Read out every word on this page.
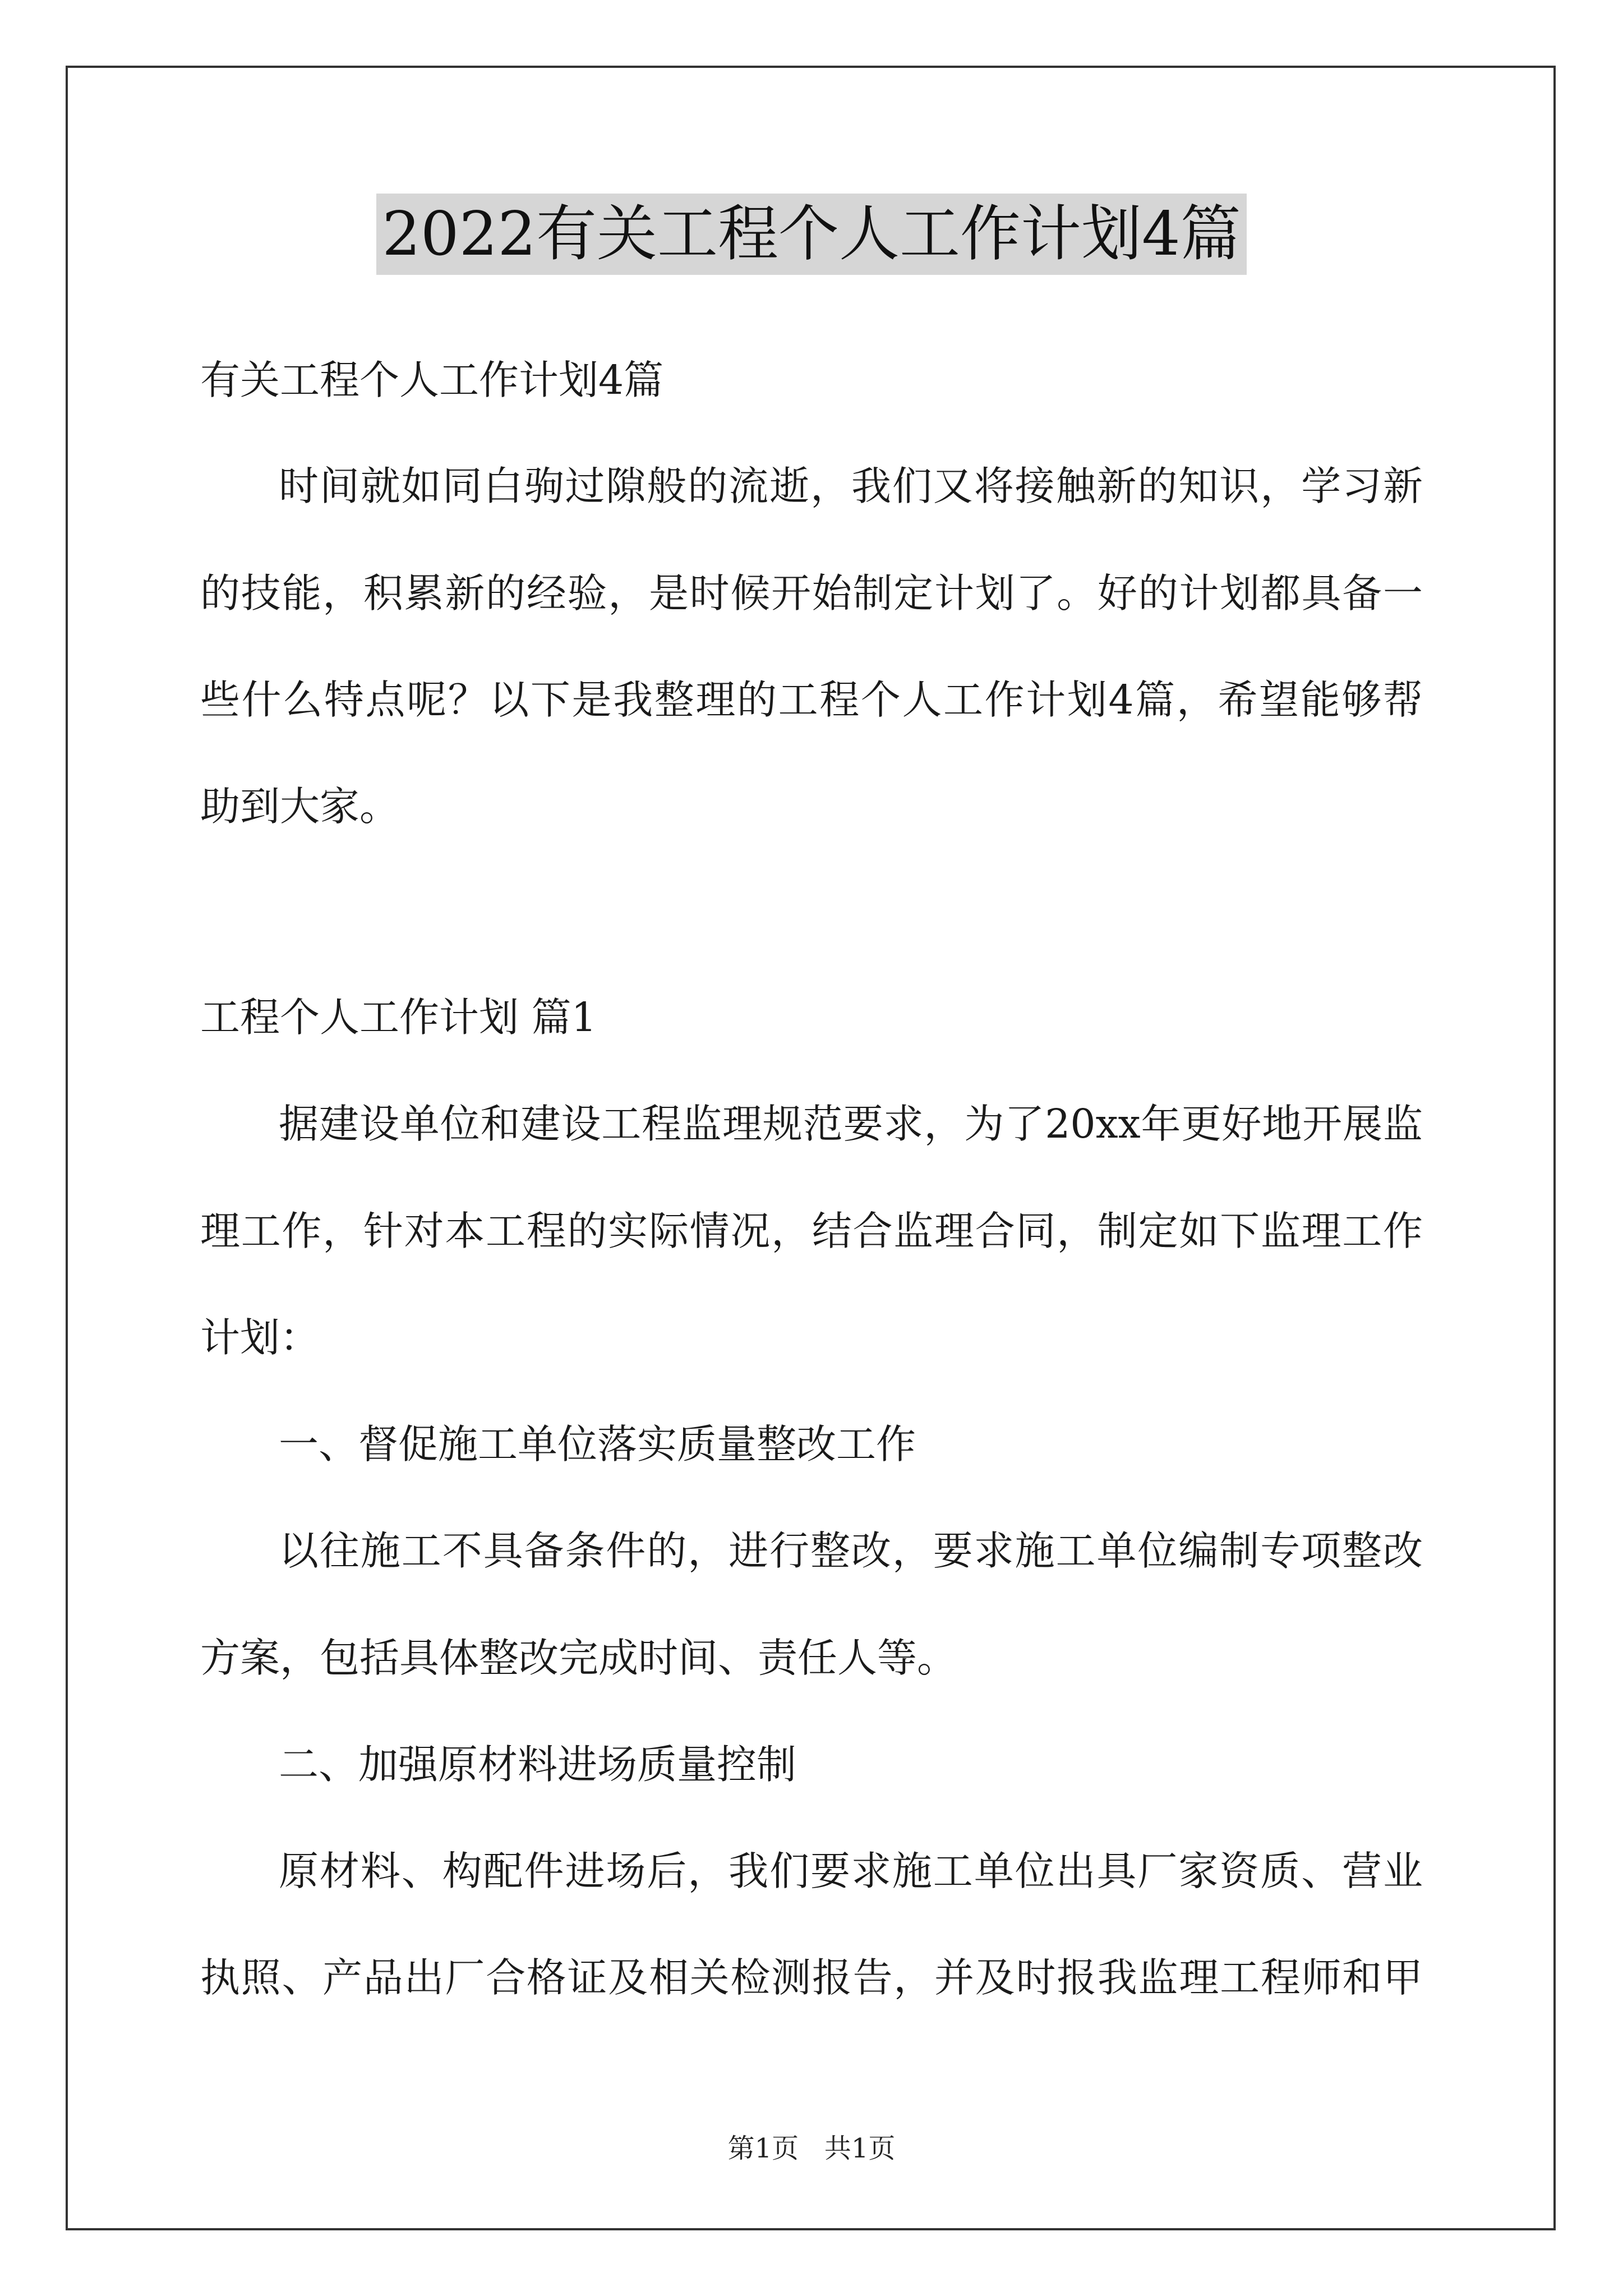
2022有关工程个人工作计划4篇
有关工程个人工作计划4篇
时间就如同白驹过隙般的流逝，我们又将接触新的知识，学习新
的技能，积累新的经验，是时候开始制定计划了。好的计划都具备一
些什么特点呢？以下是我整理的工程个人工作计划4篇，希望能够帮
助到大家。
工程个人工作计划 篇1
据建设单位和建设工程监理规范要求，为了20xx年更好地开展监
理工作，针对本工程的实际情况，结合监理合同，制定如下监理工作
计划：
一、督促施工单位落实质量整改工作
以往施工不具备条件的，进行整改，要求施工单位编制专项整改
方案，包括具体整改完成时间、责任人等。
二、加强原材料进场质量控制
原材料、构配件进场后，我们要求施工单位出具厂家资质、营业
执照、产品出厂合格证及相关检测报告，并及时报我监理工程师和甲
第1页   共1页
